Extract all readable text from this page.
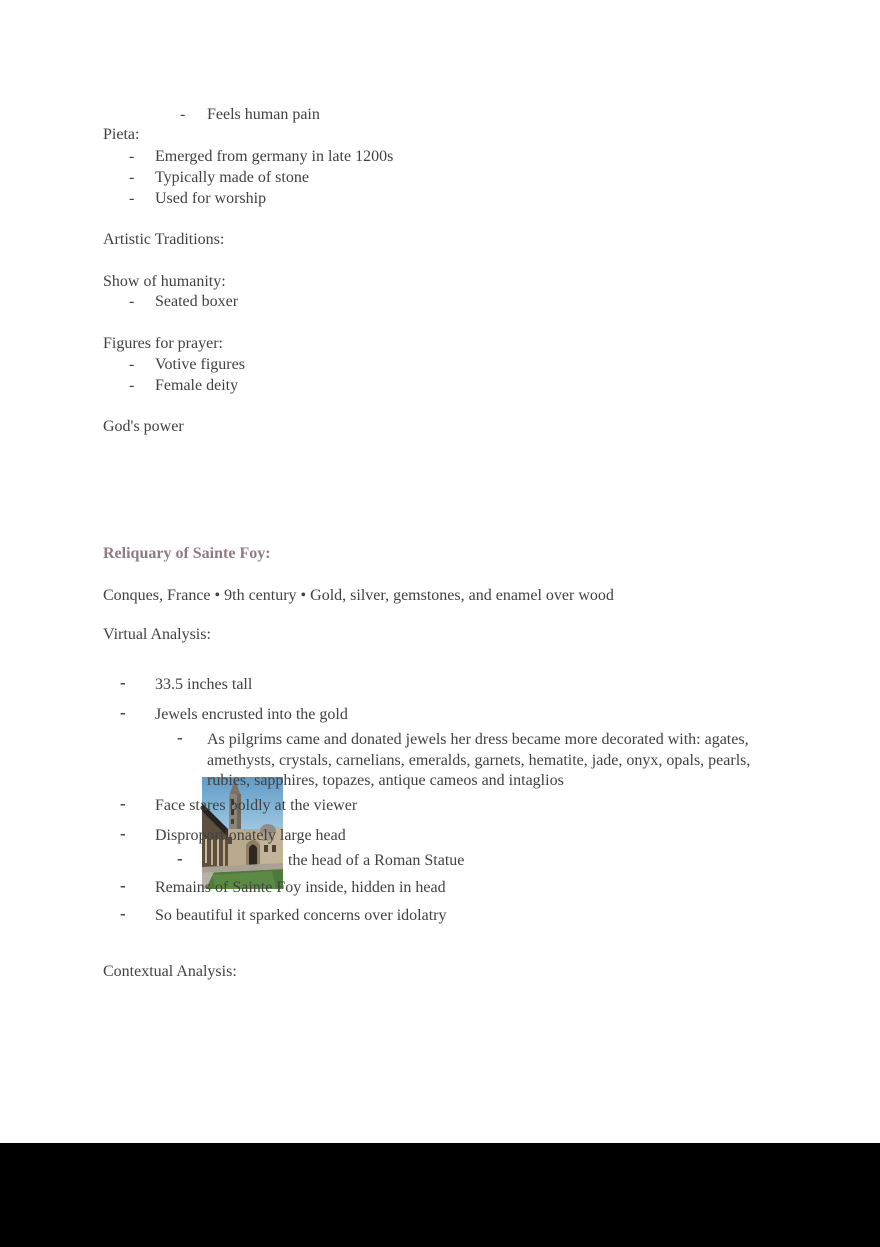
- Feels human pain
Pieta:
- Emerged from germany in late 1200s
- Typically made of stone
- Used for worship
Artistic Traditions:
Show of humanity:
- Seated boxer
Figures for prayer:
- Votive figures
- Female deity
God's power
Reliquary of Sainte Foy:
Conques, France • 9th century • Gold, silver, gemstones, and enamel over wood
Virtual Analysis:
- 33.5 inches tall
- Jewels encrusted into the gold
- As pilgrims came and donated jewels her dress became more decorated with: agates,
amethysts, crystals, carnelians, emeralds, garnets, hematite, jade, onyx, opals, pearls,
rubies, sapphires, topazes, antique cameos and intaglios
- Face stares boldly at the viewer
- Disproportionately large head
-	the head of a Roman Statue
- Remains of Sainte Foy inside, hidden in head
- So beautiful it sparked concerns over idolatry
Contextual Analysis:
